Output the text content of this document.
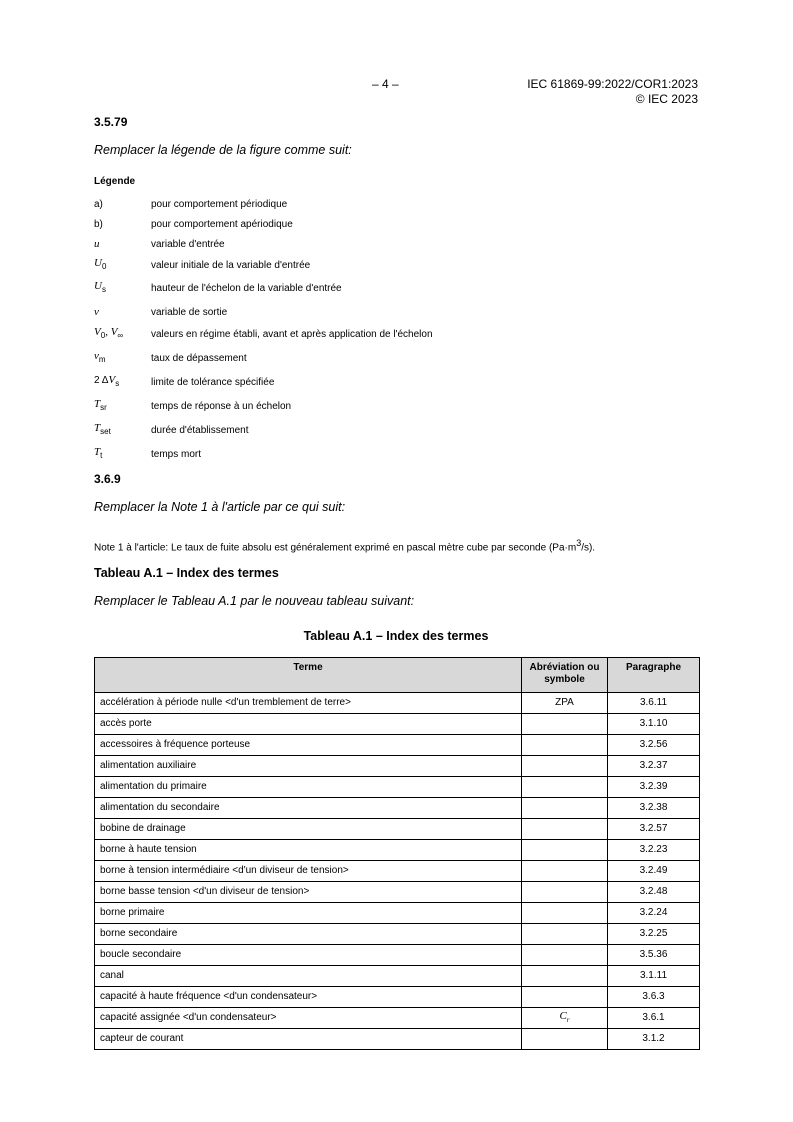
– 4 –	IEC 61869-99:2022/COR1:2023
© IEC 2023
3.5.79
Remplacer la légende de la figure comme suit:
Légende
a)	pour comportement périodique
b)	pour comportement apériodique
u	variable d'entrée
$U_0$	valeur initiale de la variable d'entrée
$U_s$	hauteur de l'échelon de la variable d'entrée
v	variable de sortie
$V_0$, $V_\infty$	valeurs en régime établi, avant et après application de l'échelon
$v_m$	taux de dépassement
2 $\Delta V_s$	limite de tolérance spécifiée
$T_{sr}$	temps de réponse à un échelon
$T_{set}$	durée d'établissement
$T_t$	temps mort
3.6.9
Remplacer la Note 1 à l'article par ce qui suit:
Note 1 à l'article: Le taux de fuite absolu est généralement exprimé en pascal mètre cube par seconde $(Pa\cdot m^3/s)$.
Tableau A.1 – Index des termes
Remplacer le Tableau A.1 par le nouveau tableau suivant:
Tableau A.1 – Index des termes
Terme	Abréviation ou symbole	Paragraphe
accélération à période nulle <d'un tremblement de terre>	ZPA	3.6.11
accès porte		3.1.10
accessoires à fréquence porteuse		3.2.56
alimentation auxiliaire		3.2.37
alimentation du primaire		3.2.39
alimentation du secondaire		3.2.38
bobine de drainage		3.2.57
borne à haute tension		3.2.23
borne à tension intermédiaire <d'un diviseur de tension>		3.2.49
borne basse tension <d'un diviseur de tension>		3.2.48
borne primaire		3.2.24
borne secondaire		3.2.25
boucle secondaire		3.5.36
canal		3.1.11
capacité à haute fréquence <d'un condensateur>		3.6.3
capacité assignée <d'un condensateur>	$C_r$	3.6.1
capteur de courant		3.1.2
